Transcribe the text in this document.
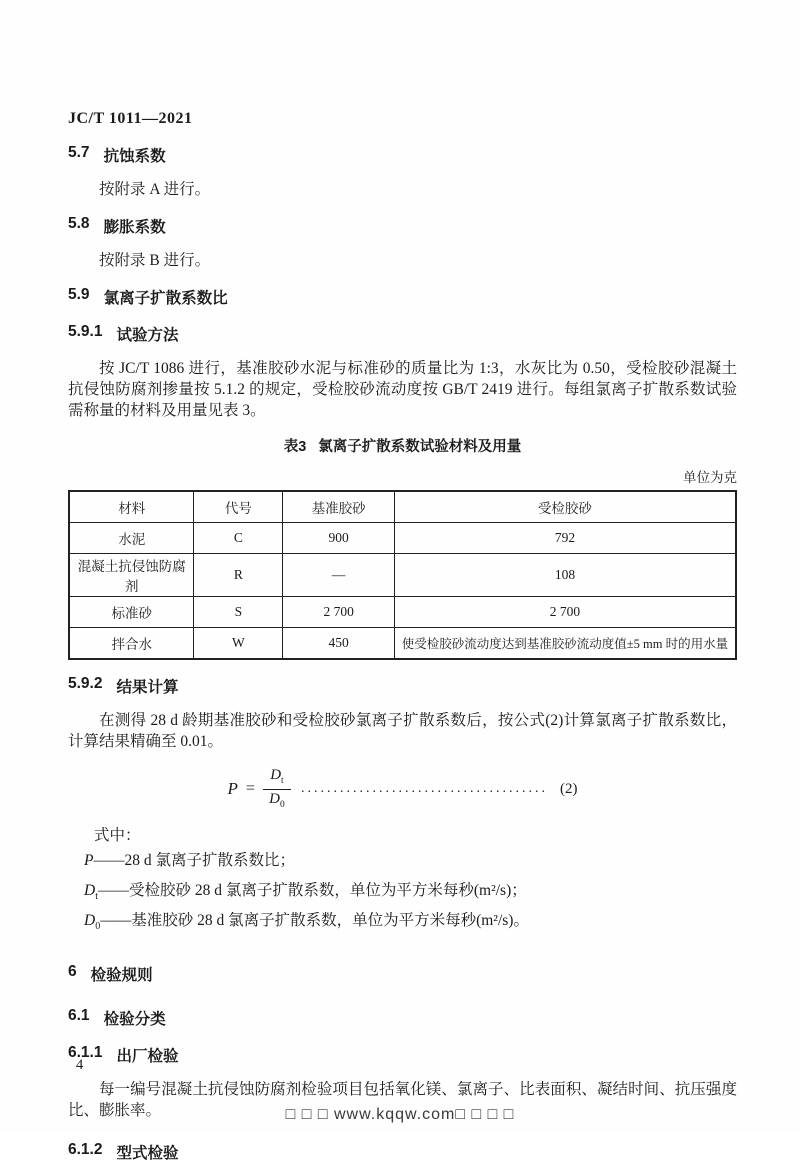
JC/T 1011—2021
5.7 抗蚀系数

按附录 A 进行。

5.8 膨胀系数

按附录 B 进行。

5.9 氯离子扩散系数比
5.9.1 试验方法

按 JC/T 1086 进行，基准胶砂水泥与标准砂的质量比为 1:3，水灰比为 0.50，受检胶砂混凝土抗侵蚀防腐剂掺量按 5.1.2 的规定，受检胶砂流动度按 GB/T 2419 进行。每组氯离子扩散系数试验需称量的材料及用量见表 3。

表3 氯离子扩散系数试验材料及用量
单位为克
材料	代号	基准胶砂	受检胶砂
水泥	C	900	792
混凝土抗侵蚀防腐剂	R	—	108
标准砂	S	2 700	2 700
拌合水	W	450	使受检胶砂流动度达到基准胶砂流动度值±5 mm 时的用水量
5.9.2 结果计算

在测得 28 d 龄期基准胶砂和受检胶砂氯离子扩散系数后，按公式(2)计算氯离子扩散系数比，计算结果精确至 0.01。

$P = \frac{D_t}{D_0}$ ...................................... (2)

式中：

P——28 d 氯离子扩散系数比；

$D_t——$受检胶砂 28 d 氯离子扩散系数，单位为平方米每秒(m²/s)；

$D_0——$基准胶砂 28 d 氯离子扩散系数，单位为平方米每秒(m²/s)。

6 检验规则
6.1 检验分类
6.1.1 出厂检验

每一编号混凝土抗侵蚀防腐剂检验项目包括氧化镁、氯离子、比表面积、凝结时间、抗压强度比、膨胀率。

6.1.2 型式检验
4
□ □ □ www.kqqw.com□ □ □ □
